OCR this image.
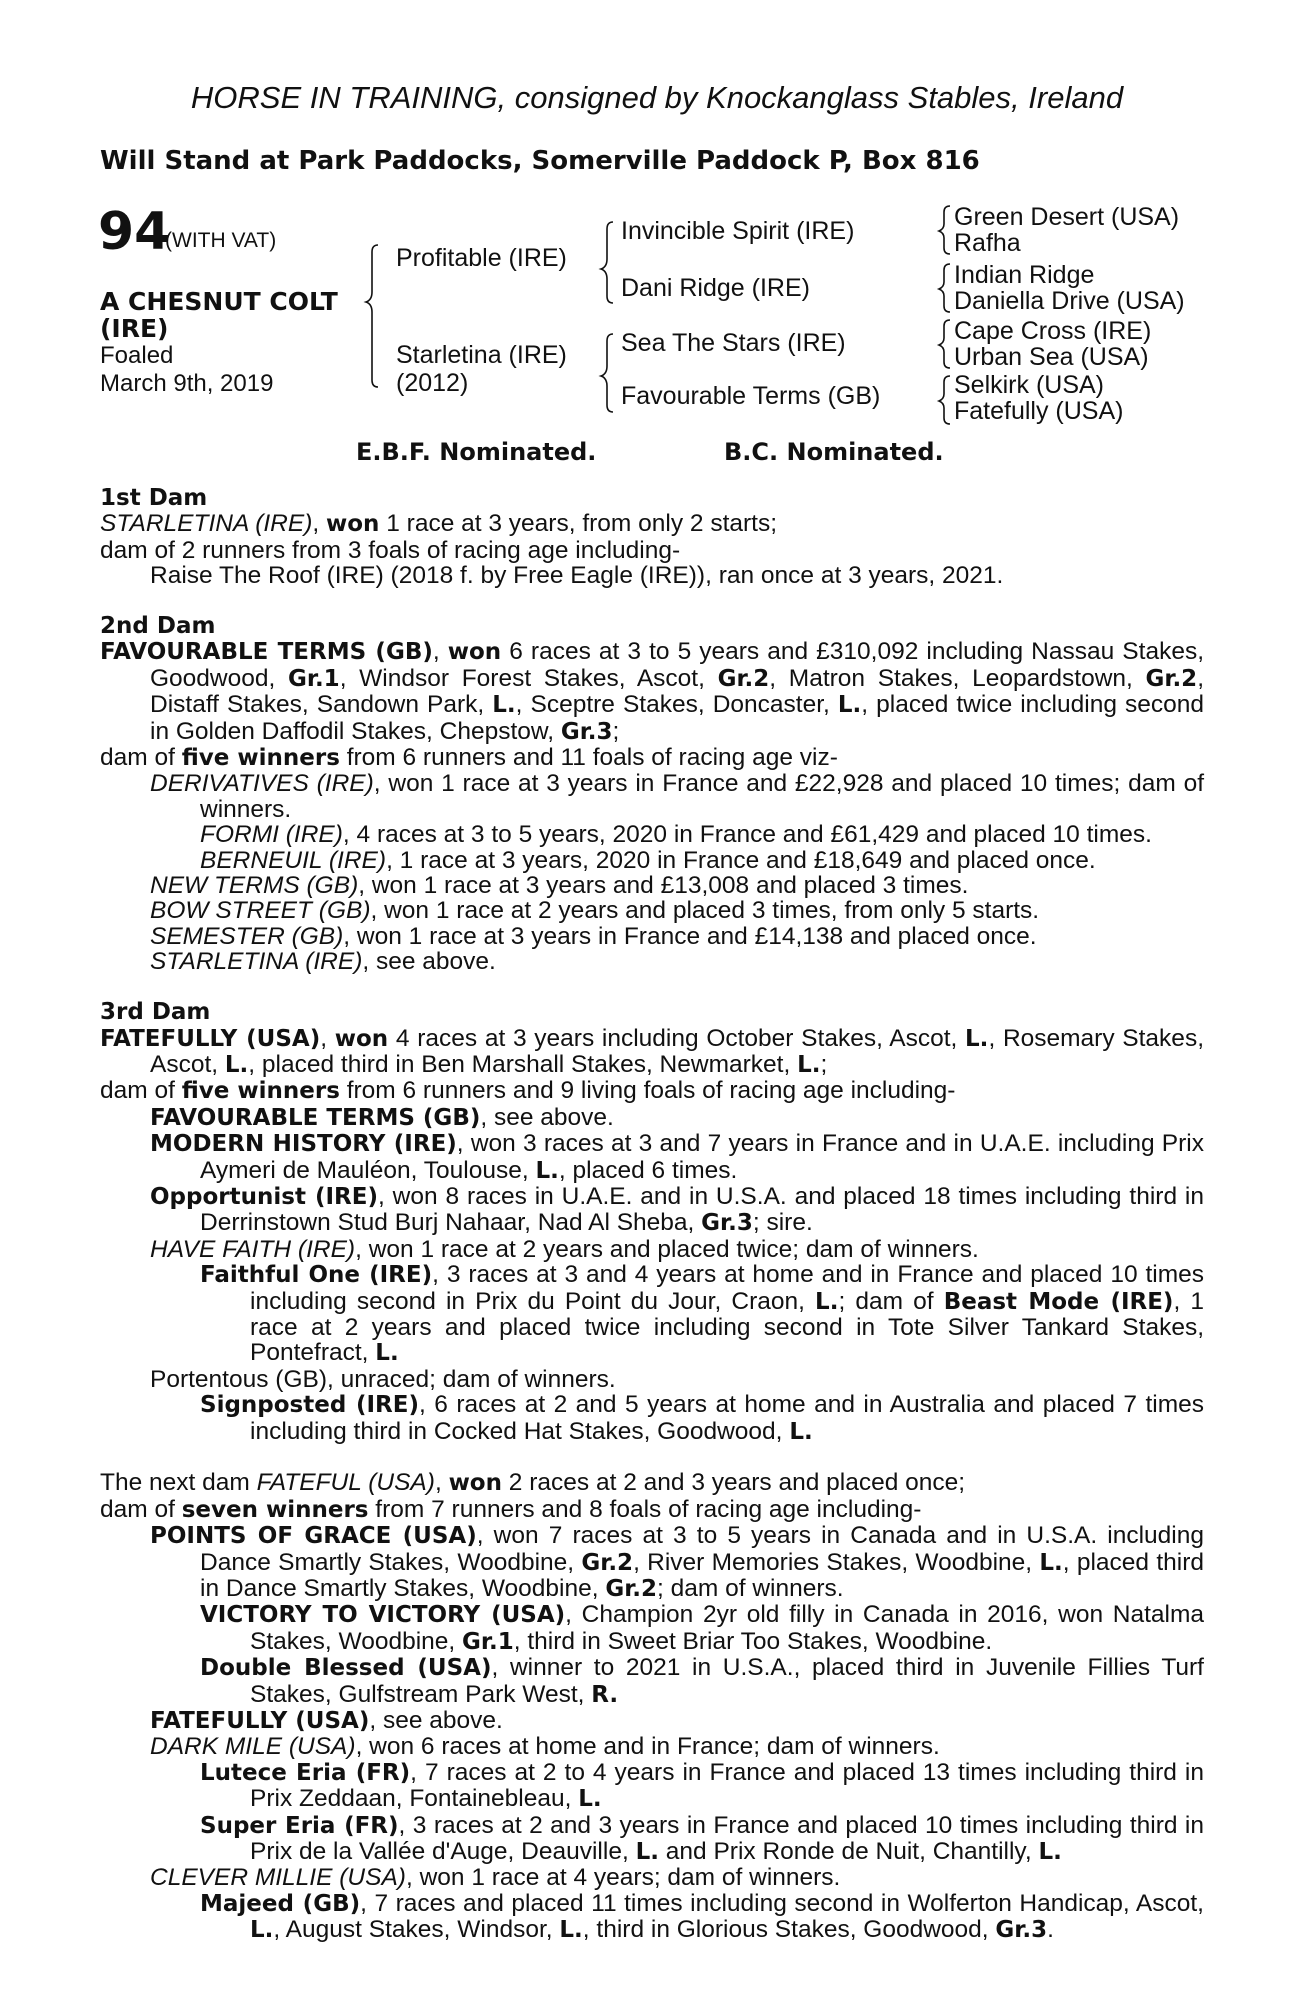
HORSE IN TRAINING, consigned by Knockanglass Stables, Ireland
Will Stand at Park Paddocks, Somerville Paddock P, Box 816
94
(WITH VAT)
A CHESNUT COLT
(IRE)
Foaled
March 9th, 2019
Profitable (IRE)
Starletina (IRE)
(2012)
Invincible Spirit (IRE)
Dani Ridge (IRE)
Sea The Stars (IRE)
Favourable Terms (GB)
Green Desert (USA)
Rafha
Indian Ridge
Daniella Drive (USA)
Cape Cross (IRE)
Urban Sea (USA)
Selkirk (USA)
Fatefully (USA)
E.B.F. Nominated.	B.C. Nominated.

1st Dam

STARLETINA (IRE), won 1 race at 3 years, from only 2 starts;

dam of 2 runners from 3 foals of racing age including-

Raise The Roof (IRE) (2018 f. by Free Eagle (IRE)), ran once at 3 years, 2021.

2nd Dam

FAVOURABLE TERMS (GB), won 6 races at 3 to 5 years and £310,092 including Nassau Stakes, Goodwood, Gr.1, Windsor Forest Stakes, Ascot, Gr.2, Matron Stakes, Leopardstown, Gr.2, Distaff Stakes, Sandown Park, L., Sceptre Stakes, Doncaster, L., placed twice including second in Golden Daffodil Stakes, Chepstow, Gr.3;

dam of five winners from 6 runners and 11 foals of racing age viz-

DERIVATIVES (IRE), won 1 race at 3 years in France and £22,928 and placed 10 times; dam of winners.

FORMI (IRE), 4 races at 3 to 5 years, 2020 in France and £61,429 and placed 10 times.

BERNEUIL (IRE), 1 race at 3 years, 2020 in France and £18,649 and placed once.

NEW TERMS (GB), won 1 race at 3 years and £13,008 and placed 3 times.

BOW STREET (GB), won 1 race at 2 years and placed 3 times, from only 5 starts.

SEMESTER (GB), won 1 race at 3 years in France and £14,138 and placed once.

STARLETINA (IRE), see above.

3rd Dam

FATEFULLY (USA), won 4 races at 3 years including October Stakes, Ascot, L., Rosemary Stakes, Ascot, L., placed third in Ben Marshall Stakes, Newmarket, L.;

dam of five winners from 6 runners and 9 living foals of racing age including-

FAVOURABLE TERMS (GB), see above.

MODERN HISTORY (IRE), won 3 races at 3 and 7 years in France and in U.A.E. including Prix Aymeri de Mauléon, Toulouse, L., placed 6 times.

Opportunist (IRE), won 8 races in U.A.E. and in U.S.A. and placed 18 times including third in Derrinstown Stud Burj Nahaar, Nad Al Sheba, Gr.3; sire.

HAVE FAITH (IRE), won 1 race at 2 years and placed twice; dam of winners.

Faithful One (IRE), 3 races at 3 and 4 years at home and in France and placed 10 times including second in Prix du Point du Jour, Craon, L.; dam of Beast Mode (IRE), 1 race at 2 years and placed twice including second in Tote Silver Tankard Stakes, Pontefract, L.

Portentous (GB), unraced; dam of winners.

Signposted (IRE), 6 races at 2 and 5 years at home and in Australia and placed 7 times including third in Cocked Hat Stakes, Goodwood, L.

The next dam FATEFUL (USA), won 2 races at 2 and 3 years and placed once;

dam of seven winners from 7 runners and 8 foals of racing age including-

POINTS OF GRACE (USA), won 7 races at 3 to 5 years in Canada and in U.S.A. including Dance Smartly Stakes, Woodbine, Gr.2, River Memories Stakes, Woodbine, L., placed third in Dance Smartly Stakes, Woodbine, Gr.2; dam of winners.

VICTORY TO VICTORY (USA), Champion 2yr old filly in Canada in 2016, won Natalma Stakes, Woodbine, Gr.1, third in Sweet Briar Too Stakes, Woodbine.

Double Blessed (USA), winner to 2021 in U.S.A., placed third in Juvenile Fillies Turf Stakes, Gulfstream Park West, R.

FATEFULLY (USA), see above.

DARK MILE (USA), won 6 races at home and in France; dam of winners.

Lutece Eria (FR), 7 races at 2 to 4 years in France and placed 13 times including third in Prix Zeddaan, Fontainebleau, L.

Super Eria (FR), 3 races at 2 and 3 years in France and placed 10 times including third in Prix de la Vallée d'Auge, Deauville, L. and Prix Ronde de Nuit, Chantilly, L.

CLEVER MILLIE (USA), won 1 race at 4 years; dam of winners.

Majeed (GB), 7 races and placed 11 times including second in Wolferton Handicap, Ascot, L., August Stakes, Windsor, L., third in Glorious Stakes, Goodwood, Gr.3.
